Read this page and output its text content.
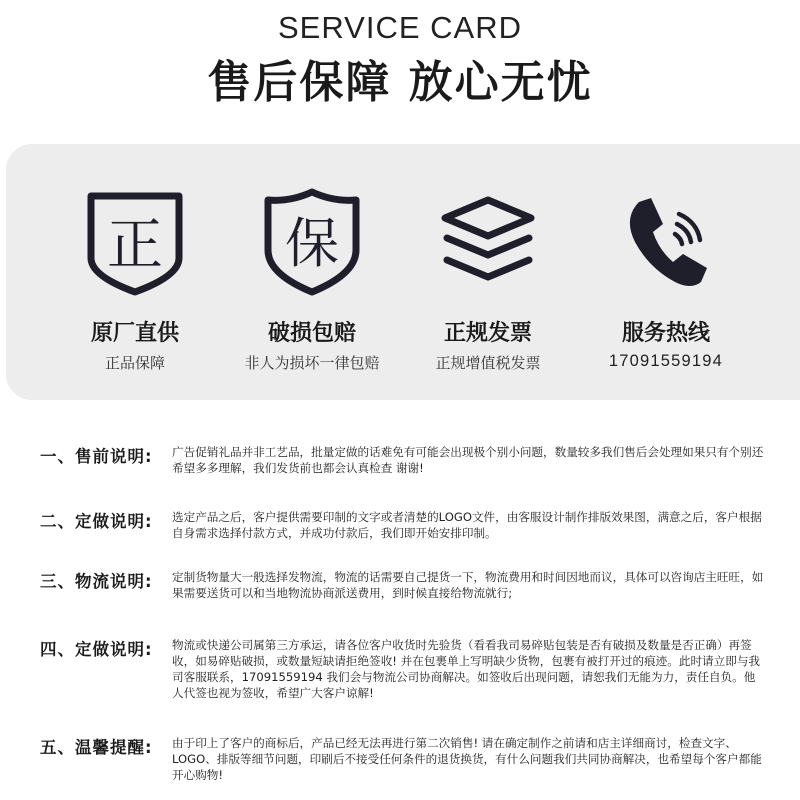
SERVICE CARD
售后保障 放心无忧
正
原厂直供
正品保障
保
破损包赔
非人为损坏一律包赔
正规发票
正规增值税发票
服务热线
17091559194
一、售前说明: 广告促销礼品并非工艺品，批量定做的话难免有可能会出现极个别小问题，数量较多我们售后会处理如果只有个别还希望多多理解，我们发货前也都会认真检查 谢谢!
二、定做说明: 选定产品之后，客户提供需要印制的文字或者清楚的LOGO文件，由客服设计制作排版效果图，满意之后，客户根据自身需求选择付款方式，并成功付款后，我们即开始安排印制。
三、物流说明: 定制货物量大一般选择发物流，物流的话需要自己提货一下，物流费用和时间因地而议，具体可以咨询店主旺旺，如果需要送货可以和当地物流协商派送费用，到时候直接给物流就行;
四、定做说明: 物流或快递公司属第三方承运，请各位客户收货时先验货（看看我司易碎贴包装是否有破损及数量是否正确）再签收，如易碎贴破损，或数量短缺请拒绝签收! 并在包裹单上写明缺少货物，包裹有被打开过的痕迹。此时请立即与我司客服联系，17091559194 我们会与物流公司协商解决。如签收后出现问题，请恕我们无能为力，责任自负。他人代签也视为签收，希望广大客户谅解!
五、温馨提醒: 由于印上了客户的商标后，产品已经无法再进行第二次销售! 请在确定制作之前请和店主详细商讨，检查文字、LOGO、排版等细节问题，印刷后不接受任何条件的退货换货，有什么问题我们共同协商解决，也希望每个客户都能开心购物!
